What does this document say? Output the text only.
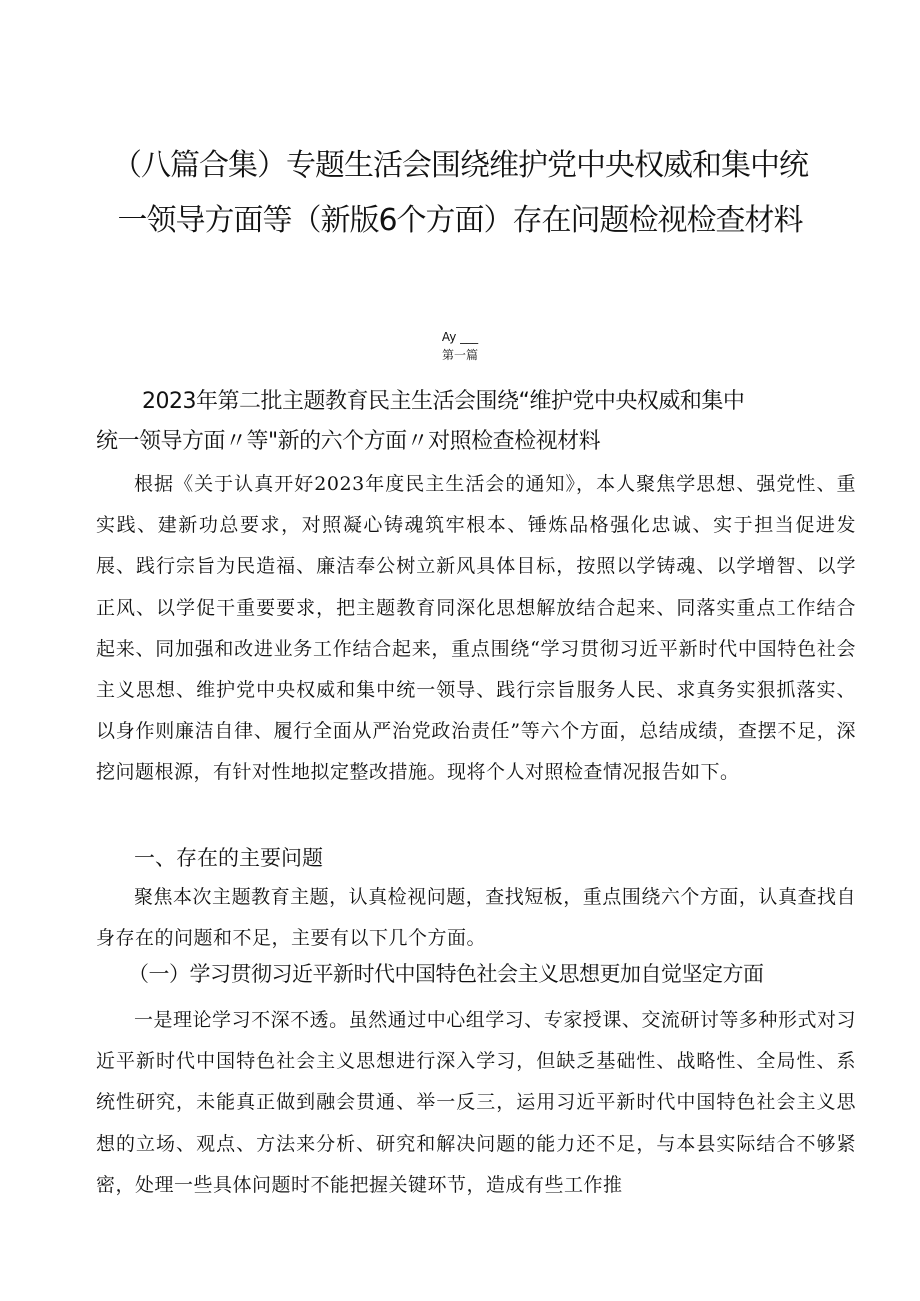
（八篇合集）专题生活会围绕维护党中央权威和集中统
一领导方面等（新版6个方面）存在问题检视检查材料
Ay ___
第一篇
2023年第二批主题教育民主生活会围绕“维护党中央权威和集中
统一领导方面〃等"新的六个方面〃对照检查检视材料
根据《关于认真开好2023年度民主生活会的通知》，本人聚焦学思想、强党性、重实践、建新功总要求，对照凝心铸魂筑牢根本、锤炼品格强化忠诚、实于担当促进发展、践行宗旨为民造福、廉洁奉公树立新风具体目标，按照以学铸魂、以学增智、以学正风、以学促干重要要求，把主题教育同深化思想解放结合起来、同落实重点工作结合起来、同加强和改进业务工作结合起来，重点围绕“学习贯彻习近平新时代中国特色社会主义思想、维护党中央权威和集中统一领导、践行宗旨服务人民、求真务实狠抓落实、以身作则廉洁自律、履行全面从严治党政治责任”等六个方面，总结成绩，查摆不足，深挖问题根源，有针对性地拟定整改措施。现将个人对照检查情况报告如下。
一、存在的主要问题
聚焦本次主题教育主题，认真检视问题，查找短板，重点围绕六个方面，认真查找自身存在的问题和不足，主要有以下几个方面。
（一）学习贯彻习近平新时代中国特色社会主义思想更加自觉坚定方面
一是理论学习不深不透。虽然通过中心组学习、专家授课、交流研讨等多种形式对习近平新时代中国特色社会主义思想进行深入学习，但缺乏基础性、战略性、全局性、系统性研究，未能真正做到融会贯通、举一反三，运用习近平新时代中国特色社会主义思想的立场、观点、方法来分析、研究和解决问题的能力还不足，与本县实际结合不够紧密，处理一些具体问题时不能把握关键环节，造成有些工作推
